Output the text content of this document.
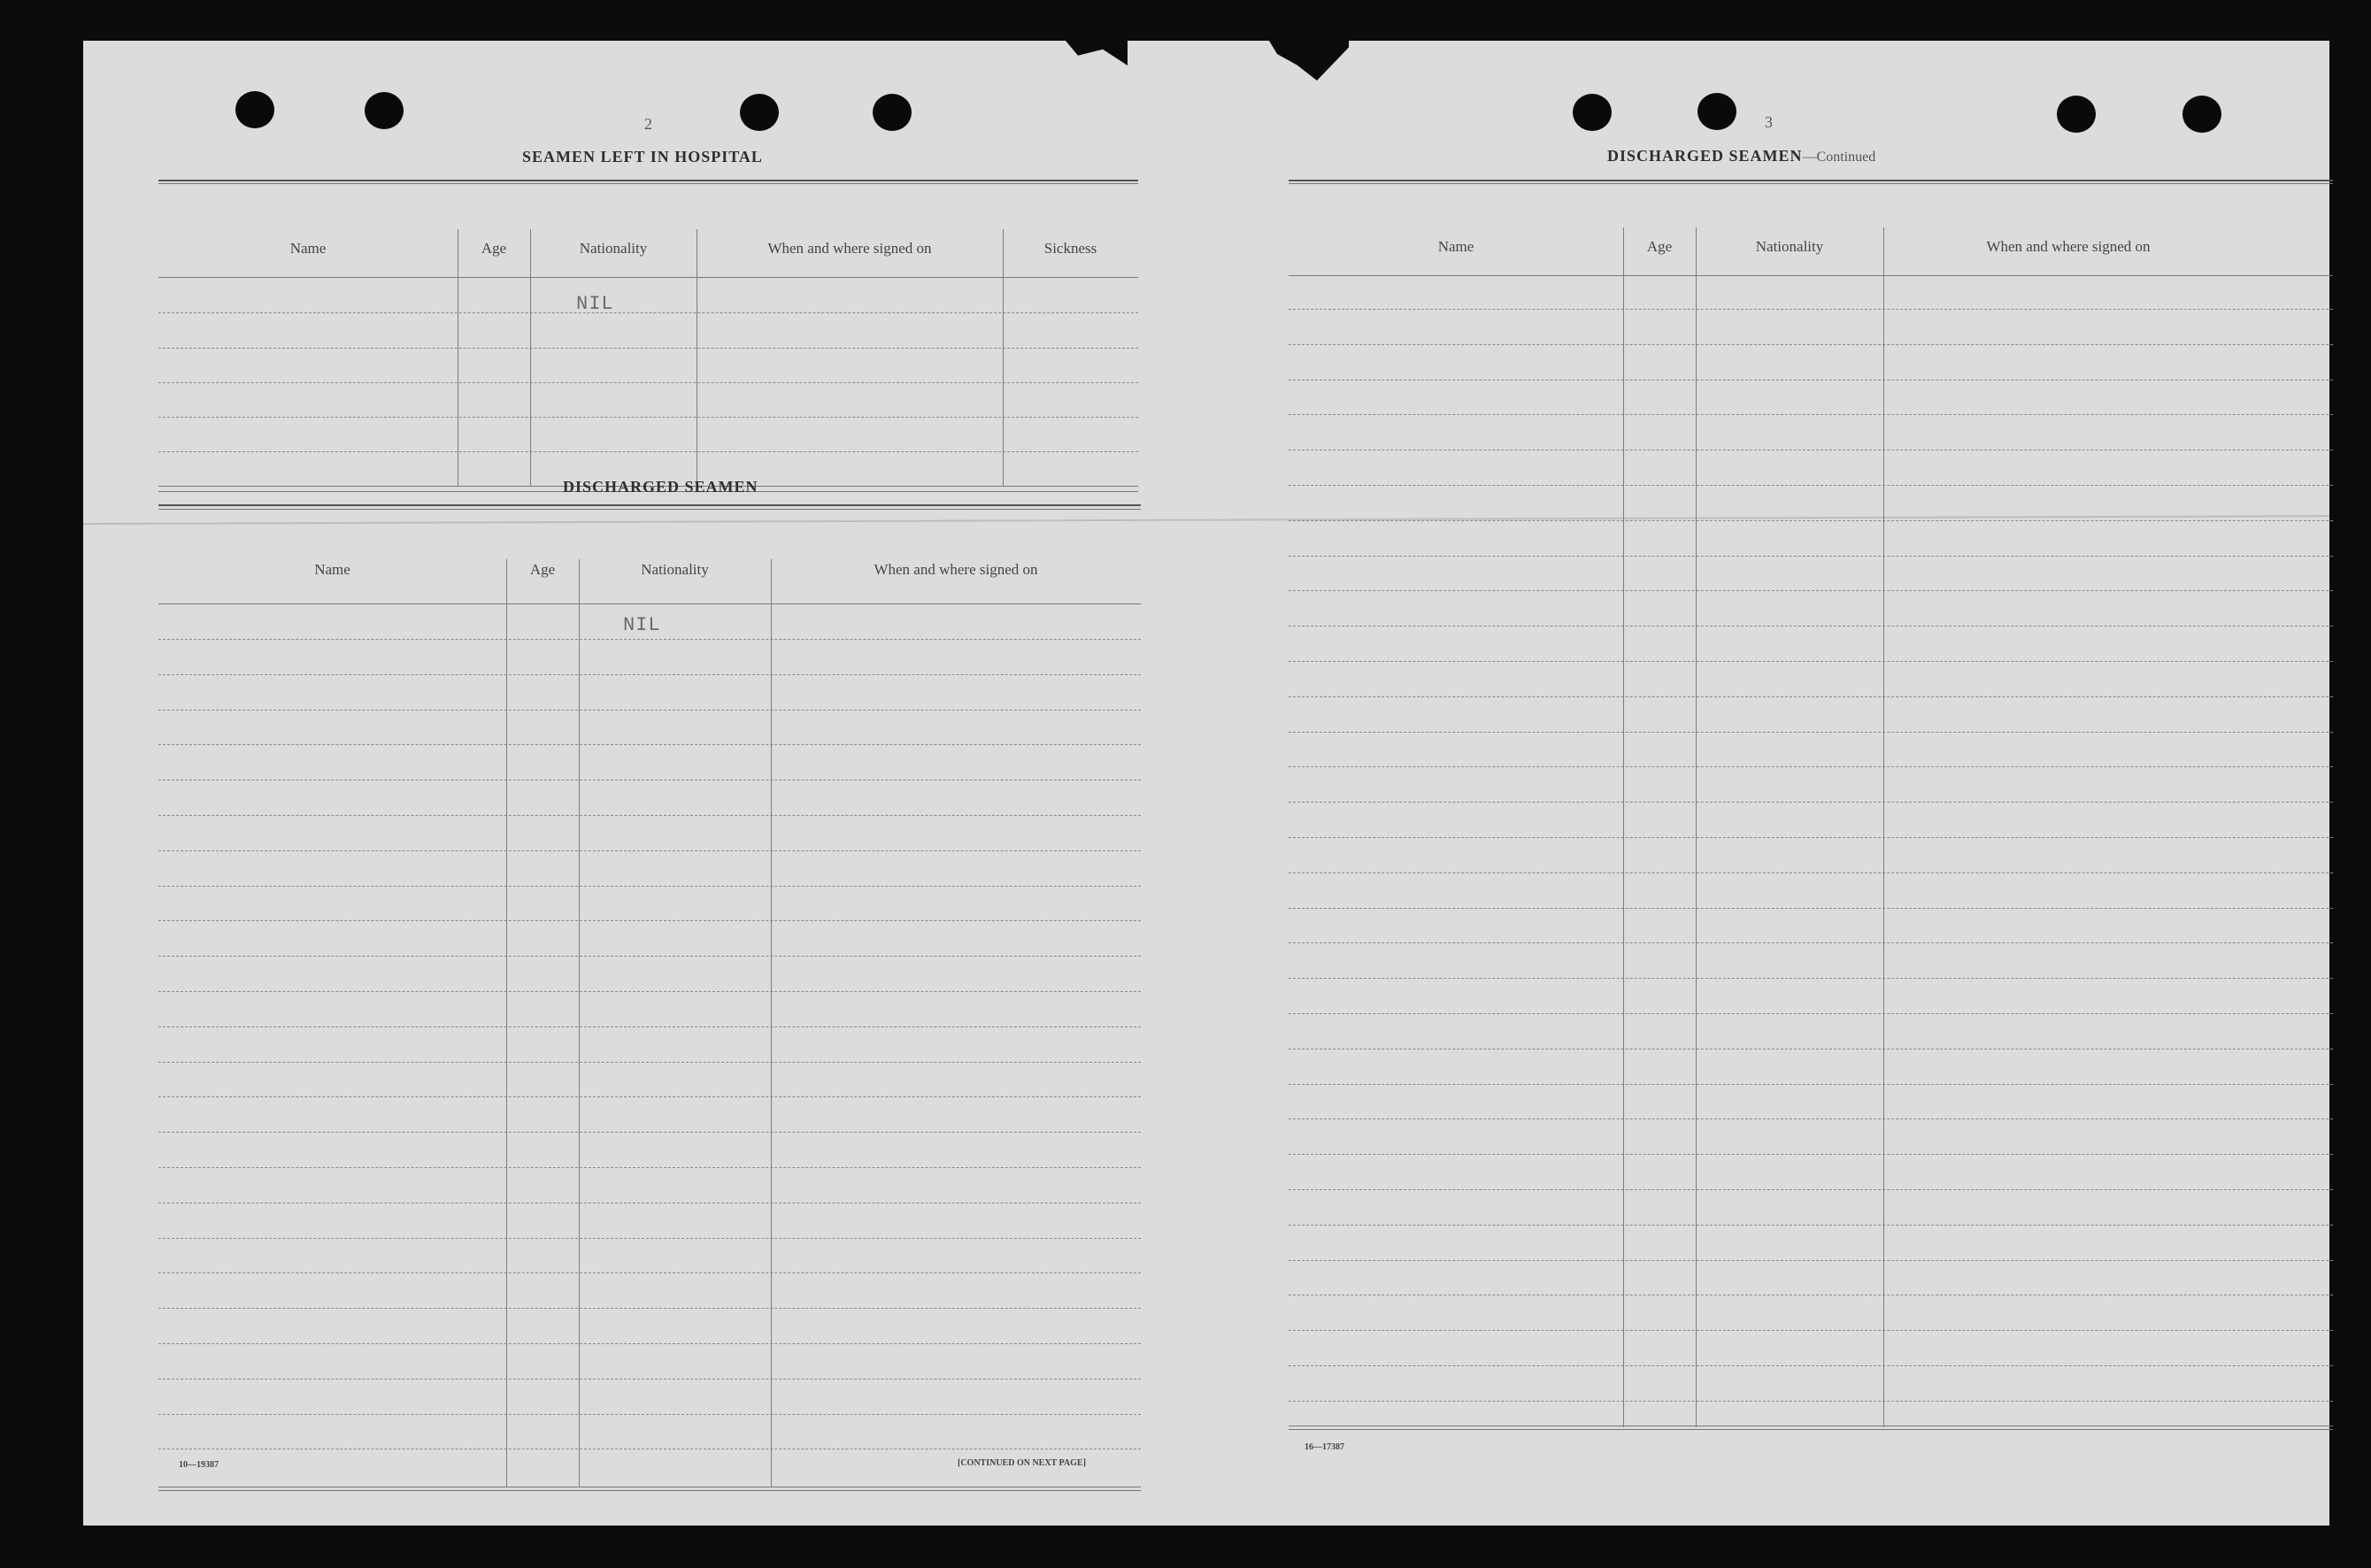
2
SEAMEN LEFT IN HOSPITAL
Name	Age	Nationality	When and where signed on	Sickness
NIL
DISCHARGED SEAMEN
Name	Age	Nationality	When and where signed on
NIL
10—19387	[CONTINUED ON NEXT PAGE]
3
DISCHARGED SEAMEN—Continued
Name	Age	Nationality	When and where signed on
16—17387
